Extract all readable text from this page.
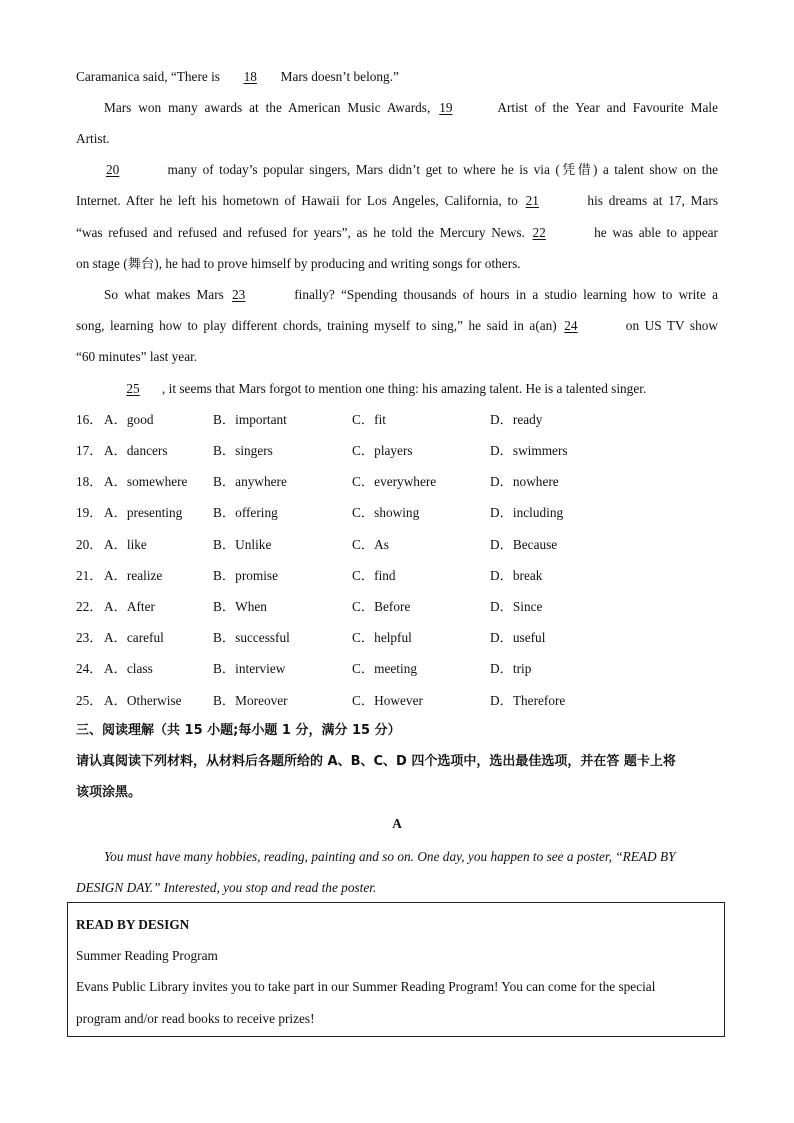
Caramanica said, “There is 18 Mars doesn’t belong.”
Mars won many awards at the American Music Awards, 19	Artist of the Year and Favourite Male
Artist.
20	many of today’s popular singers, Mars didn’t get to where he is via (凭借) a talent show on the
Internet. After he left his hometown of Hawaii for Los Angeles, California, to 21	his dreams at 17, Mars
“was refused and refused and refused for years”, as he told the Mercury News. 22	he was able to appear
on stage (舞台), he had to prove himself by producing and writing songs for others.
So what makes Mars 23	finally? “Spending thousands of hours in a studio learning how to write a
song, learning how to play different chords, training myself to sing,” he said in a(an) 24	on US TV show
“60 minutes” last year.
25 , it seems that Mars forgot to mention one thing: his amazing talent. He is a talented singer.
16． A．good	B．important	C．fit	D．ready
17． A．dancers	B．singers	C．players	D．swimmers
18． A．somewhere B．anywhere	C．everywhere	D．nowhere
19． A．presenting B．offering	C．showing	D．including
20． A．like	B．Unlike	C．As	D．Because
21． A．realize	B．promise	C．find	D．break
22． A．After	B．When	C．Before	D．Since
23． A．careful	B．successful	C．helpful	D．useful
24． A．class	B．interview	C．meeting	D．trip
25． A．Otherwise B．Moreover	C．However	D．Therefore
三、阅读理解（共 15 小题;每小题 1 分，满分 15 分）
请认真阅读下列材料，从材料后各题所给的 A、B、C、D 四个选项中，选出最佳选项，并在答 题卡上将
该项涂黑。
A
You must have many hobbies, reading, painting and so on. One day, you happen to see a poster, “READ BY
DESIGN DAY.” Interested, you stop and read the poster.
READ BY DESIGN
Summer Reading Program
Evans Public Library invites you to take part in our Summer Reading Program! You can come for the special
program and/or read books to receive prizes!
